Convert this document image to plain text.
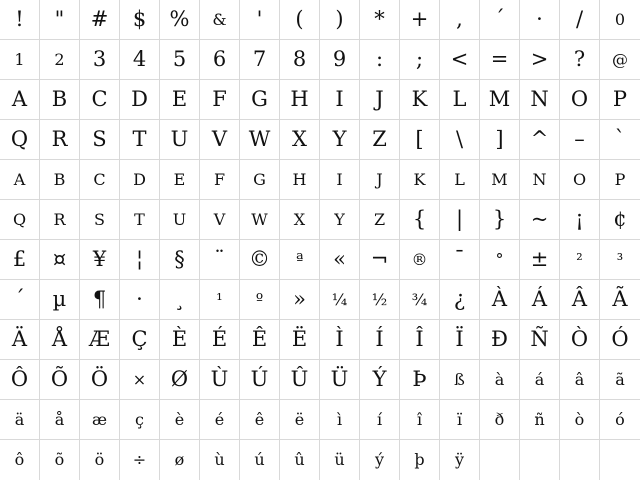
! " # $ % & ' ( ) * + , ´ · / 0
1 2 3 4 5 6 7 8 9 : ; < = > ? @
A B C D E F G H I J K L M N O P
Q R S T U V W X Y Z [ \ ] ^ – `
A B C D E F G H I J K L M N O P
Q R S T U V W X Y Z { | } ~ ¡ ¢
£ ¤ ¥ ¦ § ¨ © ª « ¬ ® ¯ ° ± ² ³
´ µ ¶ · ¸ ¹ º » ¼ ½ ¾ ¿ À Á Â Ã
Ä Å Æ Ç È É Ê Ë Ì Í Î Ï Ð Ñ Ò Ó
Ô Õ Ö × Ø Ù Ú Û Ü Ý Þ ß à á â ã
ä å æ ç è é ê ë ì í î ï ð ñ ò ó
ô õ ö ÷ ø ù ú û ü ý þ ÿ
